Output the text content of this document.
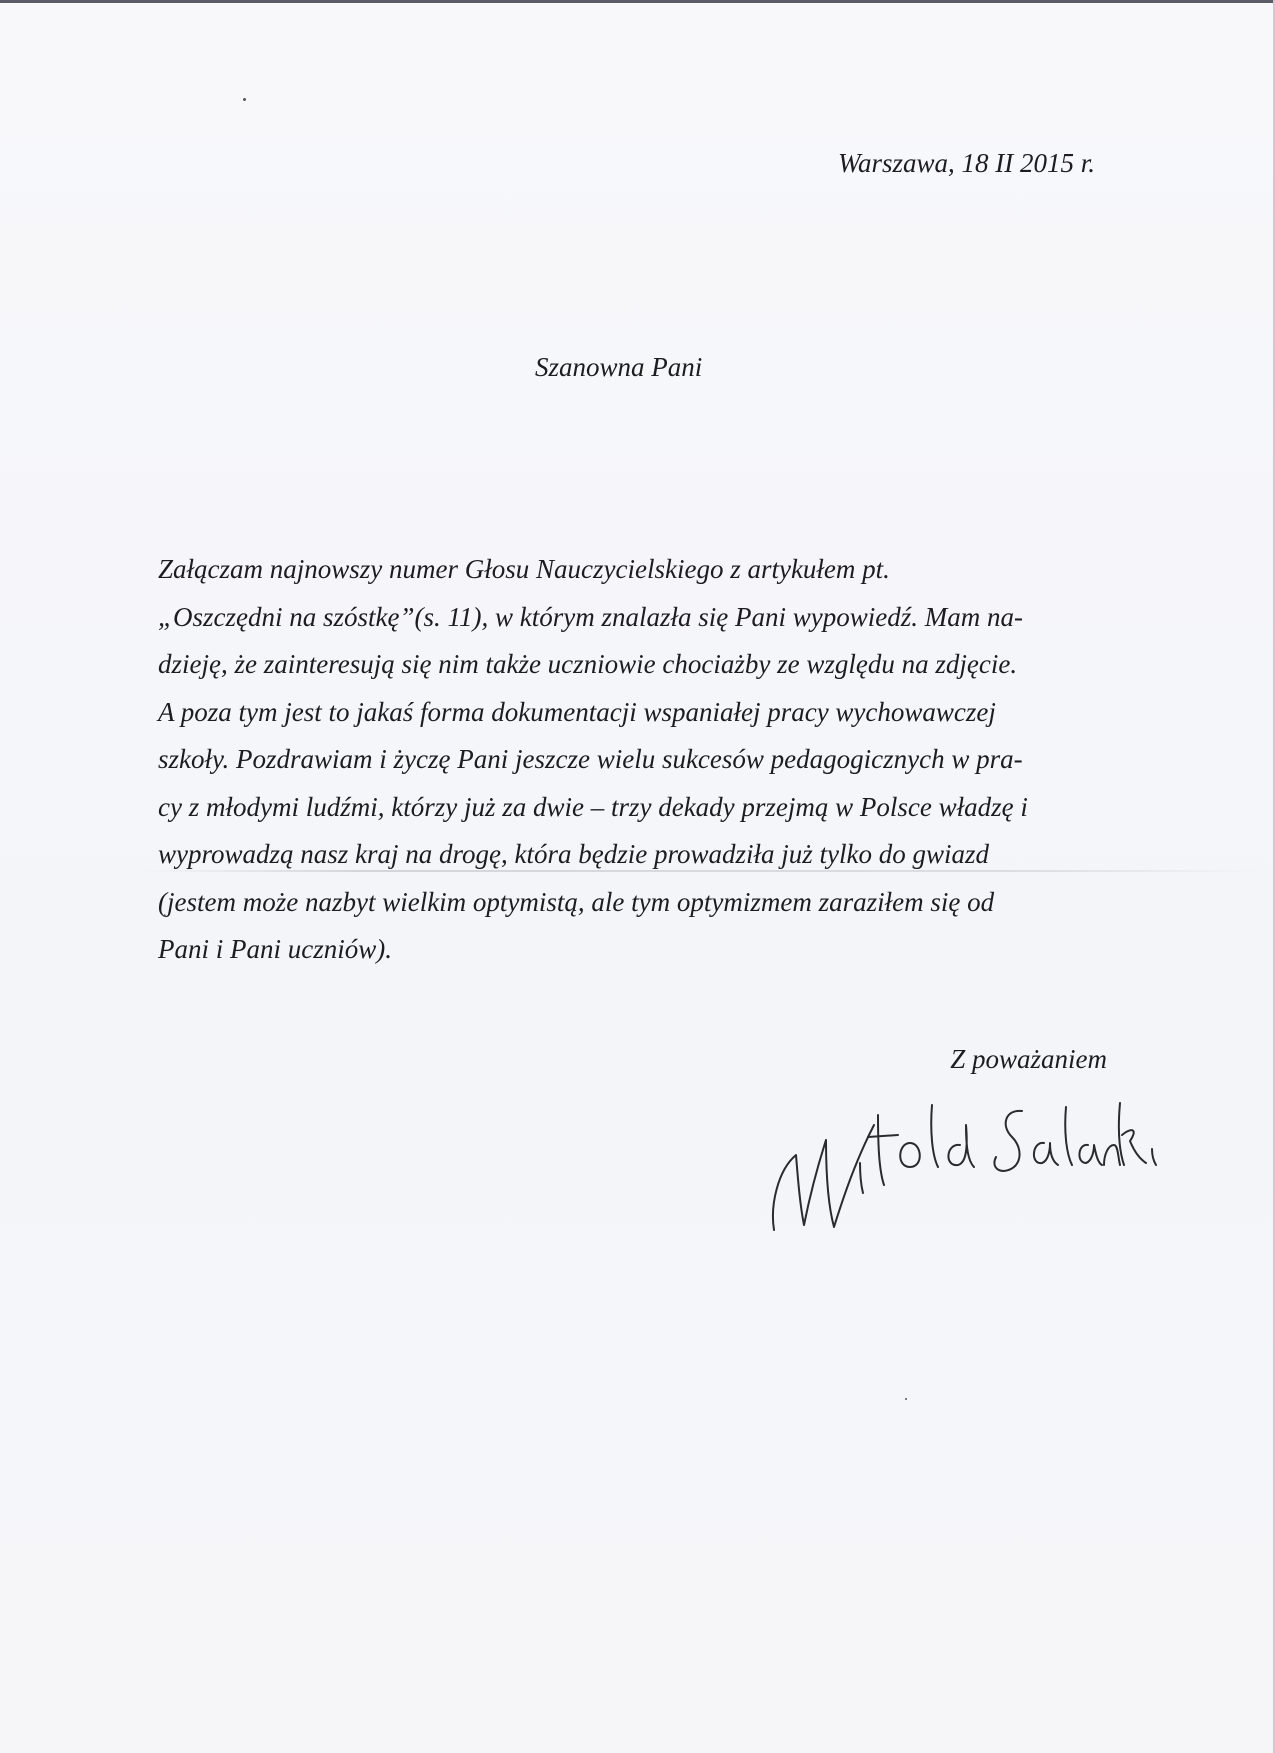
Warszawa, 18 II 2015 r.
Szanowna Pani
Załączam najnowszy numer Głosu Nauczycielskiego z artykułem pt.
„Oszczędni na szóstkę”(s. 11), w którym znalazła się Pani wypowiedź. Mam na-
dzieję, że zainteresują się nim także uczniowie chociażby ze względu na zdjęcie.
A poza tym jest to jakaś forma dokumentacji wspaniałej pracy wychowawczej
szkoły. Pozdrawiam i życzę Pani jeszcze wielu sukcesów pedagogicznych w pra-
cy z młodymi ludźmi, którzy już za dwie – trzy dekady przejmą w Polsce władzę i
wyprowadzą nasz kraj na drogę, która będzie prowadziła już tylko do gwiazd
(jestem może nazbyt wielkim optymistą, ale tym optymizmem zaraziłem się od
Pani i Pani uczniów).
Z poważaniem
